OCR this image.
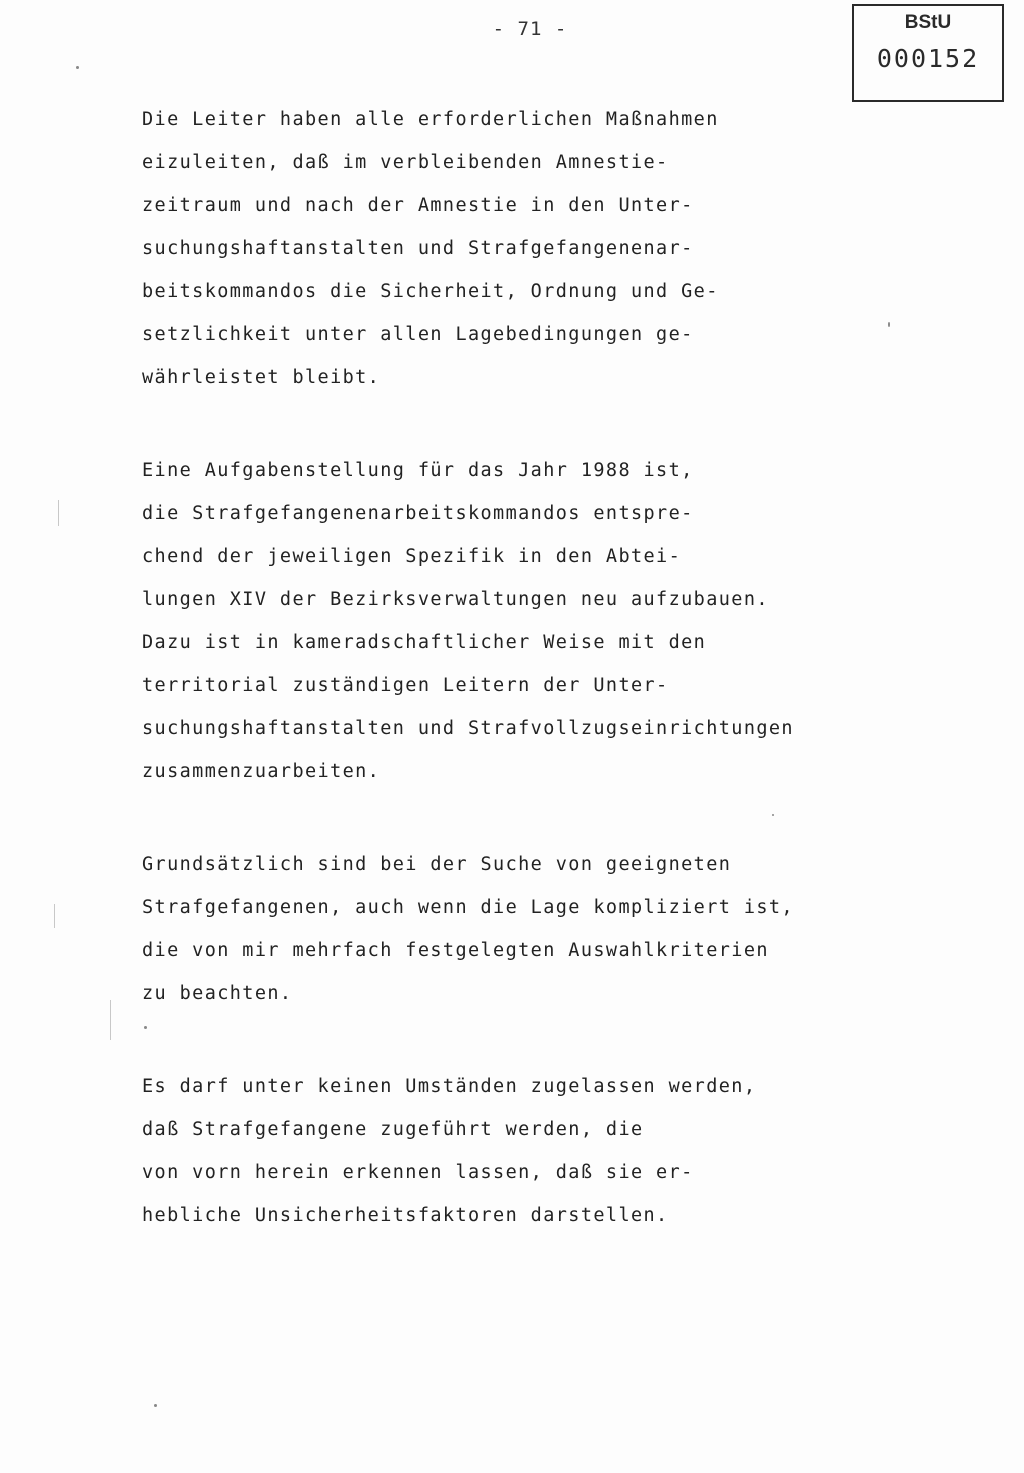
- 71 -	BStU
000152
Die Leiter haben alle erforderlichen Maßnahmen
eizuleiten, daß im verbleibenden Amnestie-
zeitraum und nach der Amnestie in den Unter-
suchungshaftanstalten und Strafgefangenenar-
beitskommandos die Sicherheit, Ordnung und Ge-
setzlichkeit unter allen Lagebedingungen ge-
währleistet bleibt.
Eine Aufgabenstellung für das Jahr 1988 ist,
die Strafgefangenenarbeitskommandos entspre-
chend der jeweiligen Spezifik in den Abtei-
lungen XIV der Bezirksverwaltungen neu aufzubauen.
Dazu ist in kameradschaftlicher Weise mit den
territorial zuständigen Leitern der Unter-
suchungshaftanstalten und Strafvollzugseinrichtungen
zusammenzuarbeiten.
Grundsätzlich sind bei der Suche von geeigneten
Strafgefangenen, auch wenn die Lage kompliziert ist,
die von mir mehrfach festgelegten Auswahlkriterien
zu beachten.
Es darf unter keinen Umständen zugelassen werden,
daß Strafgefangene zugeführt werden, die
von vorn herein erkennen lassen, daß sie er-
hebliche Unsicherheitsfaktoren darstellen.
